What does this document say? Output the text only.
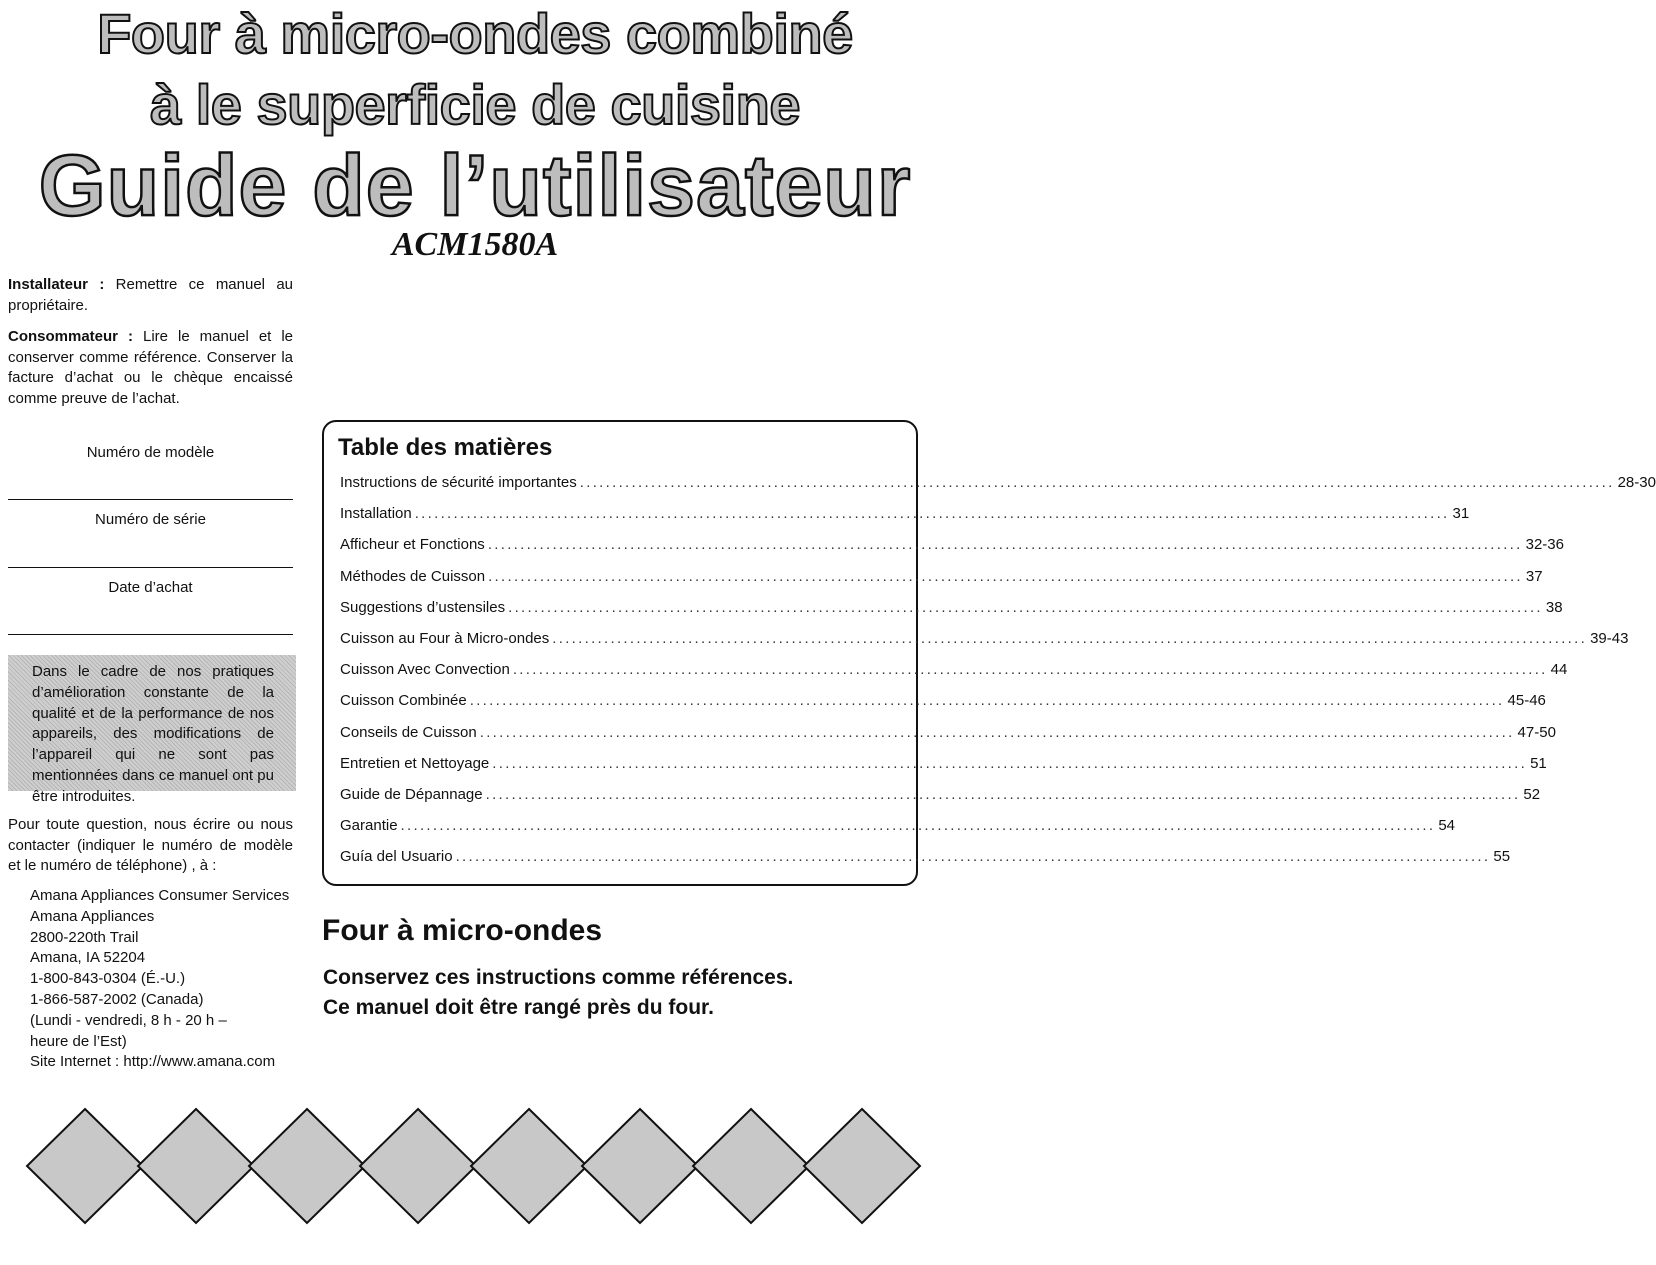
Four à micro-ondes combiné
à le superficie de cuisine
Guide de l’utilisateur
ACM1580A
Installateur : Remettre ce manuel au propriétaire.
Consommateur : Lire le manuel et le conserver comme référence. Conserver la facture d’achat ou le chèque encaissé comme preuve de l’achat.
Numéro de modèle
Numéro de série
Date d’achat
Dans le cadre de nos pratiques d’amélioration constante de la qualité et de la performance de nos appareils, des modifications de l’appareil qui ne sont pas mentionnées dans ce manuel ont pu être introduites.
Pour toute question, nous écrire ou nous contacter (indiquer le numéro de modèle et le numéro de téléphone) , à :
Amana Appliances Consumer Services
Amana Appliances
2800-220th Trail
Amana, IA 52204
1-800-843-0304 (É.-U.)
1-866-587-2002 (Canada)
(Lundi - vendredi, 8 h - 20 h –
heure de l’Est)
Site Internet : http://www.amana.com
Table des matières
Instructions de sécurité importantes ................................................................................................................................................................ 28-30
Installation ................................................................................................................................................................ 31
Afficheur et Fonctions ................................................................................................................................................................ 32-36
Méthodes de Cuisson ................................................................................................................................................................ 37
Suggestions d’ustensiles ................................................................................................................................................................ 38
Cuisson au Four à Micro-ondes ................................................................................................................................................................ 39-43
Cuisson Avec Convection ................................................................................................................................................................ 44
Cuisson Combinée ................................................................................................................................................................ 45-46
Conseils de Cuisson ................................................................................................................................................................ 47-50
Entretien et Nettoyage ................................................................................................................................................................ 51
Guide de Dépannage ................................................................................................................................................................ 52
Garantie ................................................................................................................................................................ 54
Guía del Usuario ................................................................................................................................................................ 55
Four à micro-ondes
Conservez ces instructions comme références.
Ce manuel doit être rangé près du four.
